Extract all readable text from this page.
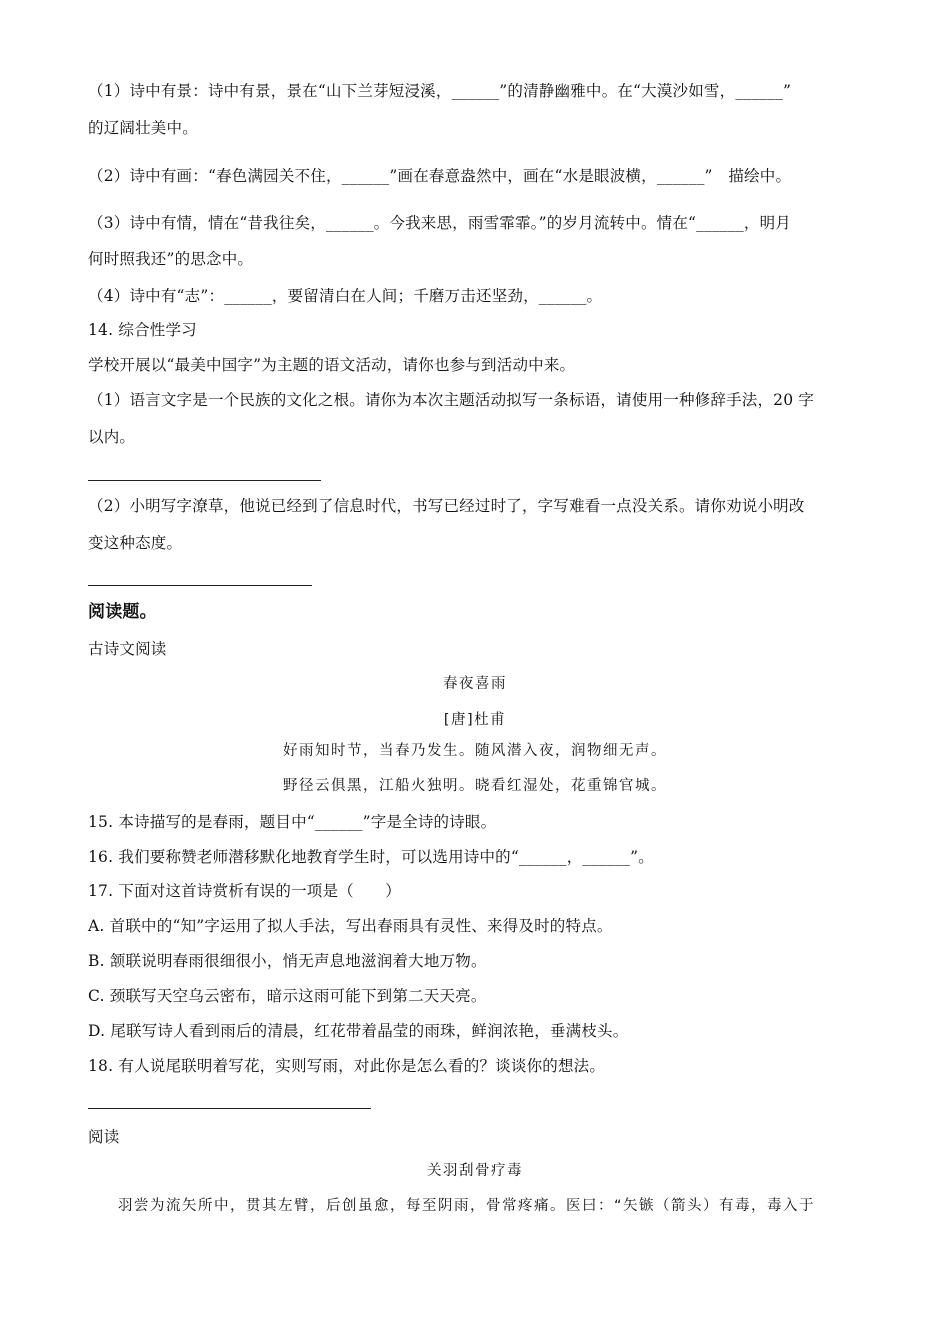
（1）诗中有景：诗中有景，景在“山下兰芽短浸溪，______”的清静幽雅中。在“大漠沙如雪，______”
的辽阔壮美中。
（2）诗中有画：“春色满园关不住，______”画在春意盎然中，画在“水是眼波横，______”　描绘中。
（3）诗中有情，情在“昔我往矣，______。今我来思，雨雪霏霏。”的岁月流转中。情在“______，明月
何时照我还”的思念中。
（4）诗中有“志”：______，要留清白在人间；千磨万击还坚劲，______。
14. 综合性学习
学校开展以“最美中国字”为主题的语文活动，请你也参与到活动中来。
（1）语言文字是一个民族的文化之根。请你为本次主题活动拟写一条标语，请使用一种修辞手法，20 字
以内。
（2）小明写字潦草，他说已经到了信息时代，书写已经过时了，字写难看一点没关系。请你劝说小明改
变这种态度。
阅读题。
古诗文阅读
春夜喜雨
[唐]杜甫
好雨知时节，当春乃发生。随风潜入夜，润物细无声。
野径云俱黑，江船火独明。晓看红湿处，花重锦官城。
15. 本诗描写的是春雨，题目中“______”字是全诗的诗眼。
16. 我们要称赞老师潜移默化地教育学生时，可以选用诗中的“______，______”。
17. 下面对这首诗赏析有误的一项是（　　）
A. 首联中的“知”字运用了拟人手法，写出春雨具有灵性、来得及时的特点。
B. 颔联说明春雨很细很小，悄无声息地滋润着大地万物。
C. 颈联写天空乌云密布，暗示这雨可能下到第二天天亮。
D. 尾联写诗人看到雨后的清晨，红花带着晶莹的雨珠，鲜润浓艳，垂满枝头。
18. 有人说尾联明着写花，实则写雨，对此你是怎么看的？谈谈你的想法。
阅读
关羽刮骨疗毒
羽尝为流矢所中，贯其左臂，后创虽愈，每至阴雨，骨常疼痛。医曰：“矢镞（箭头）有毒，毒入于
